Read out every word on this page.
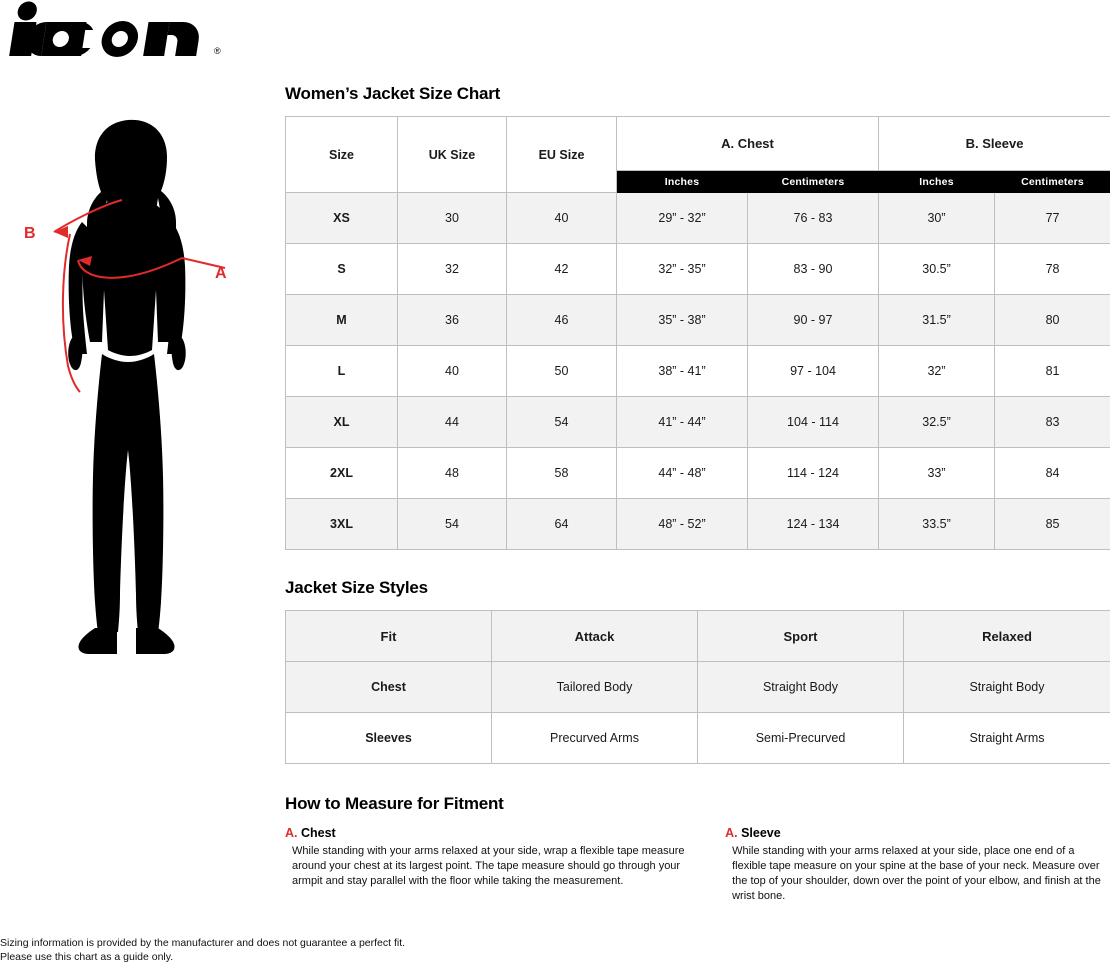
®
B
A
Women’s Jacket Size Chart
Size	UK Size	EU Size	A. Chest		B. Sleeve	
			Inches	Centimeters	Inches	Centimeters
XS	30	40	29” - 32”	76 - 83	30”	77
S	32	42	32” - 35”	83 - 90	30.5”	78
M	36	46	35” - 38”	90 - 97	31.5”	80
L	40	50	38” - 41”	97 - 104	32”	81
XL	44	54	41” - 44”	104 - 114	32.5”	83
2XL	48	58	44” - 48”	114 - 124	33”	84
3XL	54	64	48” - 52”	124 - 134	33.5”	85
Jacket Size Styles
Fit	Attack	Sport	Relaxed
Chest	Tailored Body	Straight Body	Straight Body
Sleeves	Precurved Arms	Semi-Precurved	Straight Arms
How to Measure for Fitment
A. Chest
While standing with your arms relaxed at your side, wrap a flexible tape measure around your chest at its largest point. The tape measure should go through your armpit and stay parallel with the floor while taking the measurement.
A. Sleeve
While standing with your arms relaxed at your side, place one end of a flexible tape measure on your spine at the base of your neck. Measure over the top of your shoulder, down over the point of your elbow, and finish at the wrist bone.
Sizing information is provided by the manufacturer and does not guarantee a perfect fit.
Please use this chart as a guide only.
